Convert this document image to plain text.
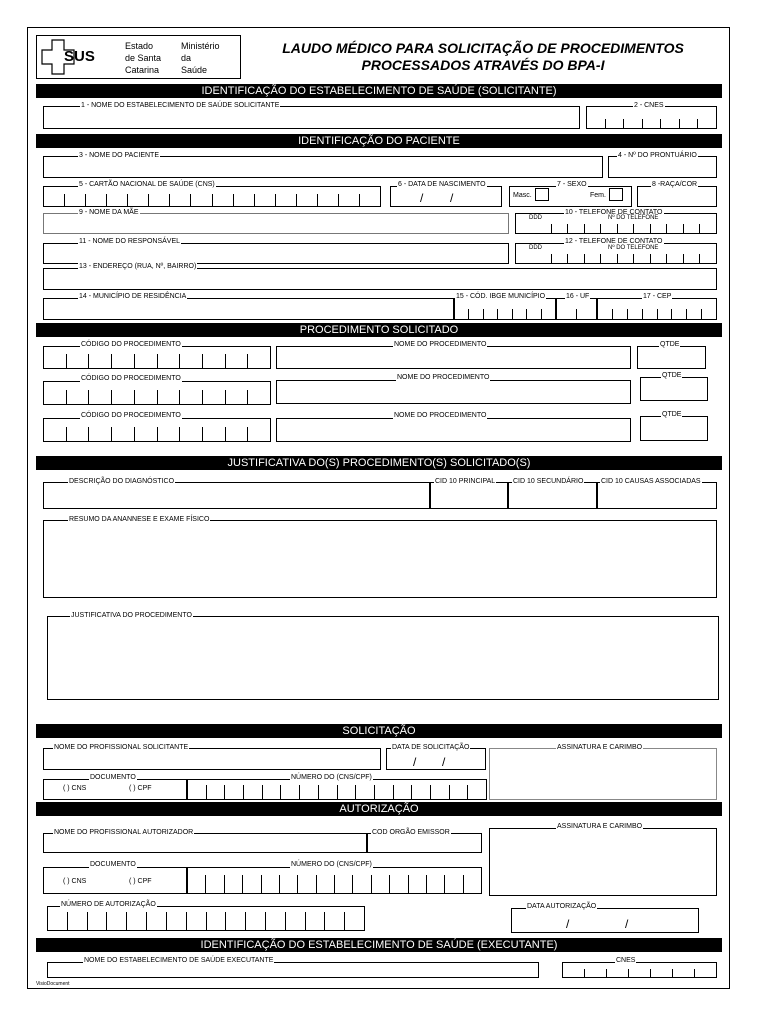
SUS
Estado
de Santa
Catarina
Ministério
da
Saúde
LAUDO MÉDICO PARA SOLICITAÇÃO DE PROCEDIMENTOS
PROCESSADOS ATRAVÉS DO BPA-I
IDENTIFICAÇÃO DO ESTABELECIMENTO DE SAÚDE (SOLICITANTE)
1 - NOME DO ESTABELECIMENTO DE SAÚDE SOLICITANTE	2 - CNES
IDENTIFICAÇÃO DO PACIENTE
3 - NOME DO PACIENTE	4 - Nº DO PRONTUÁRIO
5 - CARTÃO NACIONAL DE SAÚDE (CNS)	6 - DATA DE NASCIMENTO
/ /
7 - SEXO
Masc.	Fem.
8 -RAÇA/COR
9 - NOME DA MÃE	10 - TELEFONE DE CONTATO
DDD	Nº DO TELEFONE
11 - NOME DO RESPONSÁVEL	12 - TELEFONE DE CONTATO
DDD	Nº DO TELEFONE
13 - ENDEREÇO (RUA, Nº, BAIRRO)
14 - MUNICÍPIO DE RESIDÊNCIA	15 - CÓD. IBGE MUNICÍPIO	16 - UF	17 - CEP
PROCEDIMENTO SOLICITADO
CÓDIGO DO PROCEDIMENTO	NOME DO PROCEDIMENTO	QTDE
CÓDIGO DO PROCEDIMENTO	NOME DO PROCEDIMENTO	QTDE
CÓDIGO DO PROCEDIMENTO	NOME DO PROCEDIMENTO	QTDE
JUSTIFICATIVA DO(S) PROCEDIMENTO(S) SOLICITADO(S)
DESCRIÇÃO DO DIAGNÓSTICO	CID 10 PRINCIPAL	CID 10 SECUNDÁRIO	CID 10 CAUSAS ASSOCIADAS
RESUMO DA ANANNESE E EXAME FÍSICO
JUSTIFICATIVA DO PROCEDIMENTO
SOLICITAÇÃO
NOME DO PROFISSIONAL SOLICITANTE	DATA DE SOLICITAÇÃO
/ /
ASSINATURA E CARIMBO
DOCUMENTO
( ) CNS	( ) CPF
NÚMERO DO (CNS/CPF)
AUTORIZAÇÃO
NOME DO PROFISSIONAL AUTORIZADOR	COD ORGÃO EMISSOR
ASSINATURA E CARIMBO
DOCUMENTO
( ) CNS	( ) CPF
NÚMERO DO (CNS/CPF)
NÚMERO DE AUTORIZAÇÃO	DATA AUTORIZAÇÃO
/	/
IDENTIFICAÇÃO DO ESTABELECIMENTO DE SAÚDE (EXECUTANTE)
NOME DO ESTABELECIMENTO DE SAÚDE EXECUTANTE	CNES
VisioDocument
